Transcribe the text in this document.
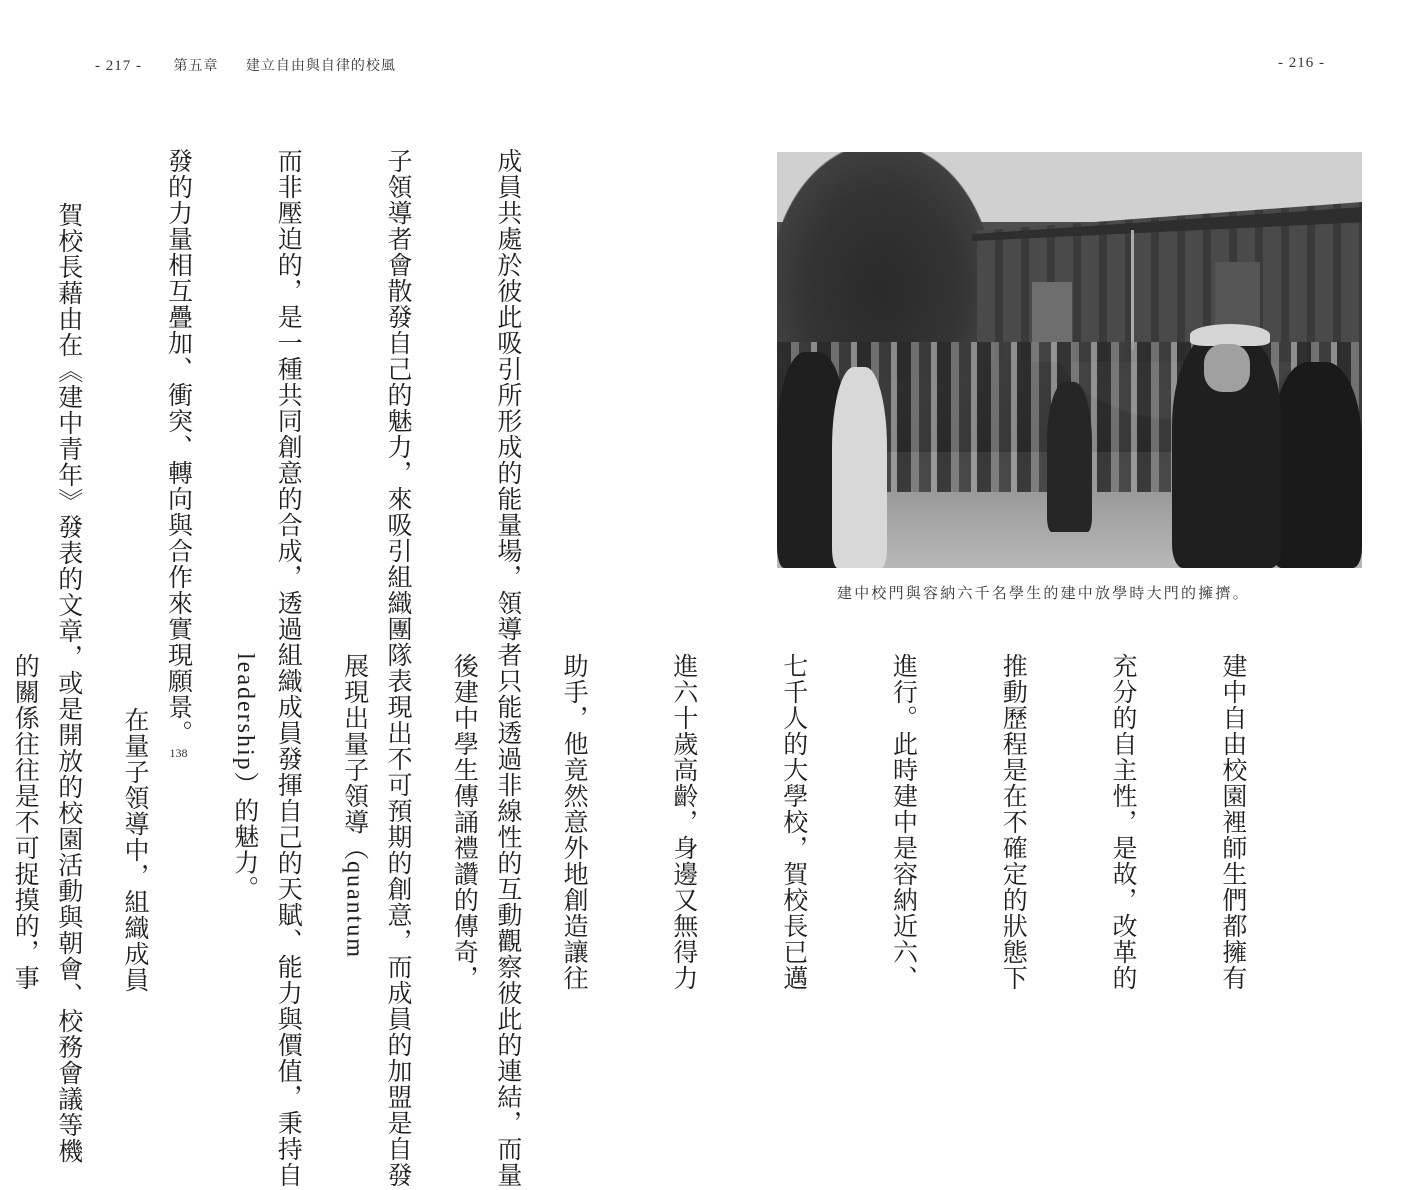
- 217 - 第五章 建立自由與自律的校風

成員共處於彼此吸引所形成的能量場，領導者只能透過非線性的互動觀察彼此的連結，而量

子領導者會散發自己的魅力，來吸引組織團隊表現出不可預期的創意，而成員的加盟是自發

而非壓迫的，是一種共同創意的合成，透過組織成員發揮自己的天賦、能力與價值，秉持自

發的力量相互疊加、衝突、轉向與合作來實現願景。138

賀校長藉由在《建中青年》發表的文章，或是開放的校園活動與朝會、校務會議等機

- 216 -
建中校門與容納六千名學生的建中放學時大門的擁擠。

建中自由校園裡師生們都擁有

充分的自主性，是故，改革的

推動歷程是在不確定的狀態下

進行。此時建中是容納近六、

七千人的大學校，賀校長已邁

進六十歲高齡，身邊又無得力

助手，他竟然意外地創造讓往

後建中學生傳誦禮讚的傳奇，

展現出量子領導（quantum

leadership）的魅力。

在量子領導中，組織成員

的關係往往是不可捉摸的，事
